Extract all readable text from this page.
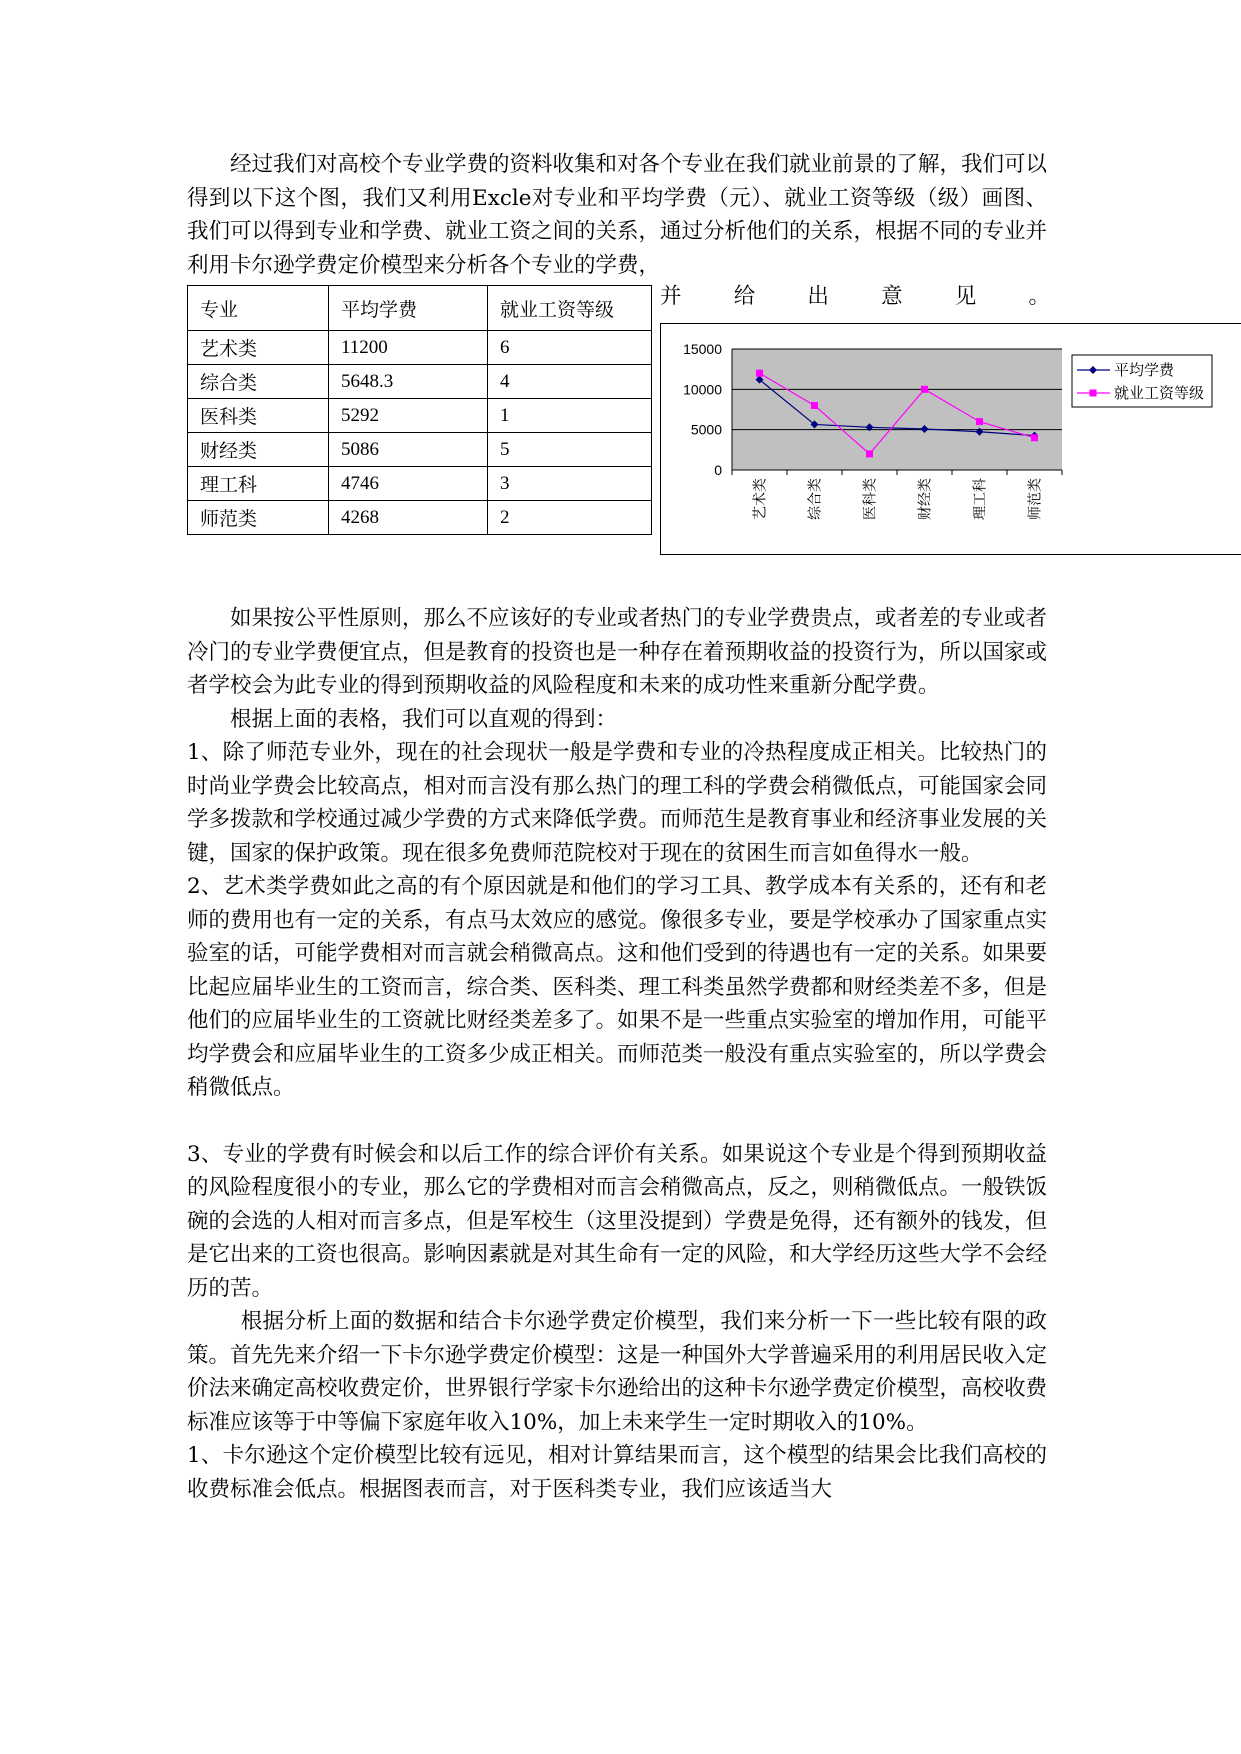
经过我们对高校个专业学费的资料收集和对各个专业在我们就业前景的了解，我们可以得到以下这个图，我们又利用Excle对专业和平均学费（元）、就业工资等级（级）画图、我们可以得到专业和学费、就业工资之间的关系，通过分析他们的关系，根据不同的专业并利用卡尔逊学费定价模型来分析各个专业的学费，

并 给 出 意 见 。
专业	平均学费	就业工资等级
艺术类	11200	6
综合类	5648.3	4
医科类	5292	1
财经类	5086	5
理工科	4746	3
师范类	4268	2
15000
10000
5000
0
艺术类	综合类	医科类	财经类	理工科	师范类
平均学费
就业工资等级

如果按公平性原则，那么不应该好的专业或者热门的专业学费贵点，或者差的专业或者冷门的专业学费便宜点，但是教育的投资也是一种存在着预期收益的投资行为，所以国家或者学校会为此专业的得到预期收益的风险程度和未来的成功性来重新分配学费。

根据上面的表格，我们可以直观的得到：

1、除了师范专业外，现在的社会现状一般是学费和专业的冷热程度成正相关。比较热门的时尚业学费会比较高点，相对而言没有那么热门的理工科的学费会稍微低点，可能国家会同学多拨款和学校通过减少学费的方式来降低学费。而师范生是教育事业和经济事业发展的关键，国家的保护政策。现在很多免费师范院校对于现在的贫困生而言如鱼得水一般。

2、艺术类学费如此之高的有个原因就是和他们的学习工具、教学成本有关系的，还有和老师的费用也有一定的关系，有点马太效应的感觉。像很多专业，要是学校承办了国家重点实验室的话，可能学费相对而言就会稍微高点。这和他们受到的待遇也有一定的关系。如果要比起应届毕业生的工资而言，综合类、医科类、理工科类虽然学费都和财经类差不多，但是他们的应届毕业生的工资就比财经类差多了。如果不是一些重点实验室的增加作用，可能平均学费会和应届毕业生的工资多少成正相关。而师范类一般没有重点实验室的，所以学费会稍微低点。

3、专业的学费有时候会和以后工作的综合评价有关系。如果说这个专业是个得到预期收益的风险程度很小的专业，那么它的学费相对而言会稍微高点，反之，则稍微低点。一般铁饭碗的会选的人相对而言多点，但是军校生（这里没提到）学费是免得，还有额外的钱发，但是它出来的工资也很高。影响因素就是对其生命有一定的风险，和大学经历这些大学不会经历的苦。

根据分析上面的数据和结合卡尔逊学费定价模型，我们来分析一下一些比较有限的政策。首先先来介绍一下卡尔逊学费定价模型：这是一种国外大学普遍采用的利用居民收入定价法来确定高校收费定价，世界银行学家卡尔逊给出的这种卡尔逊学费定价模型，高校收费标准应该等于中等偏下家庭年收入10%，加上未来学生一定时期收入的10%。

1、卡尔逊这个定价模型比较有远见，相对计算结果而言，这个模型的结果会比我们高校的收费标准会低点。根据图表而言，对于医科类专业，我们应该适当大
